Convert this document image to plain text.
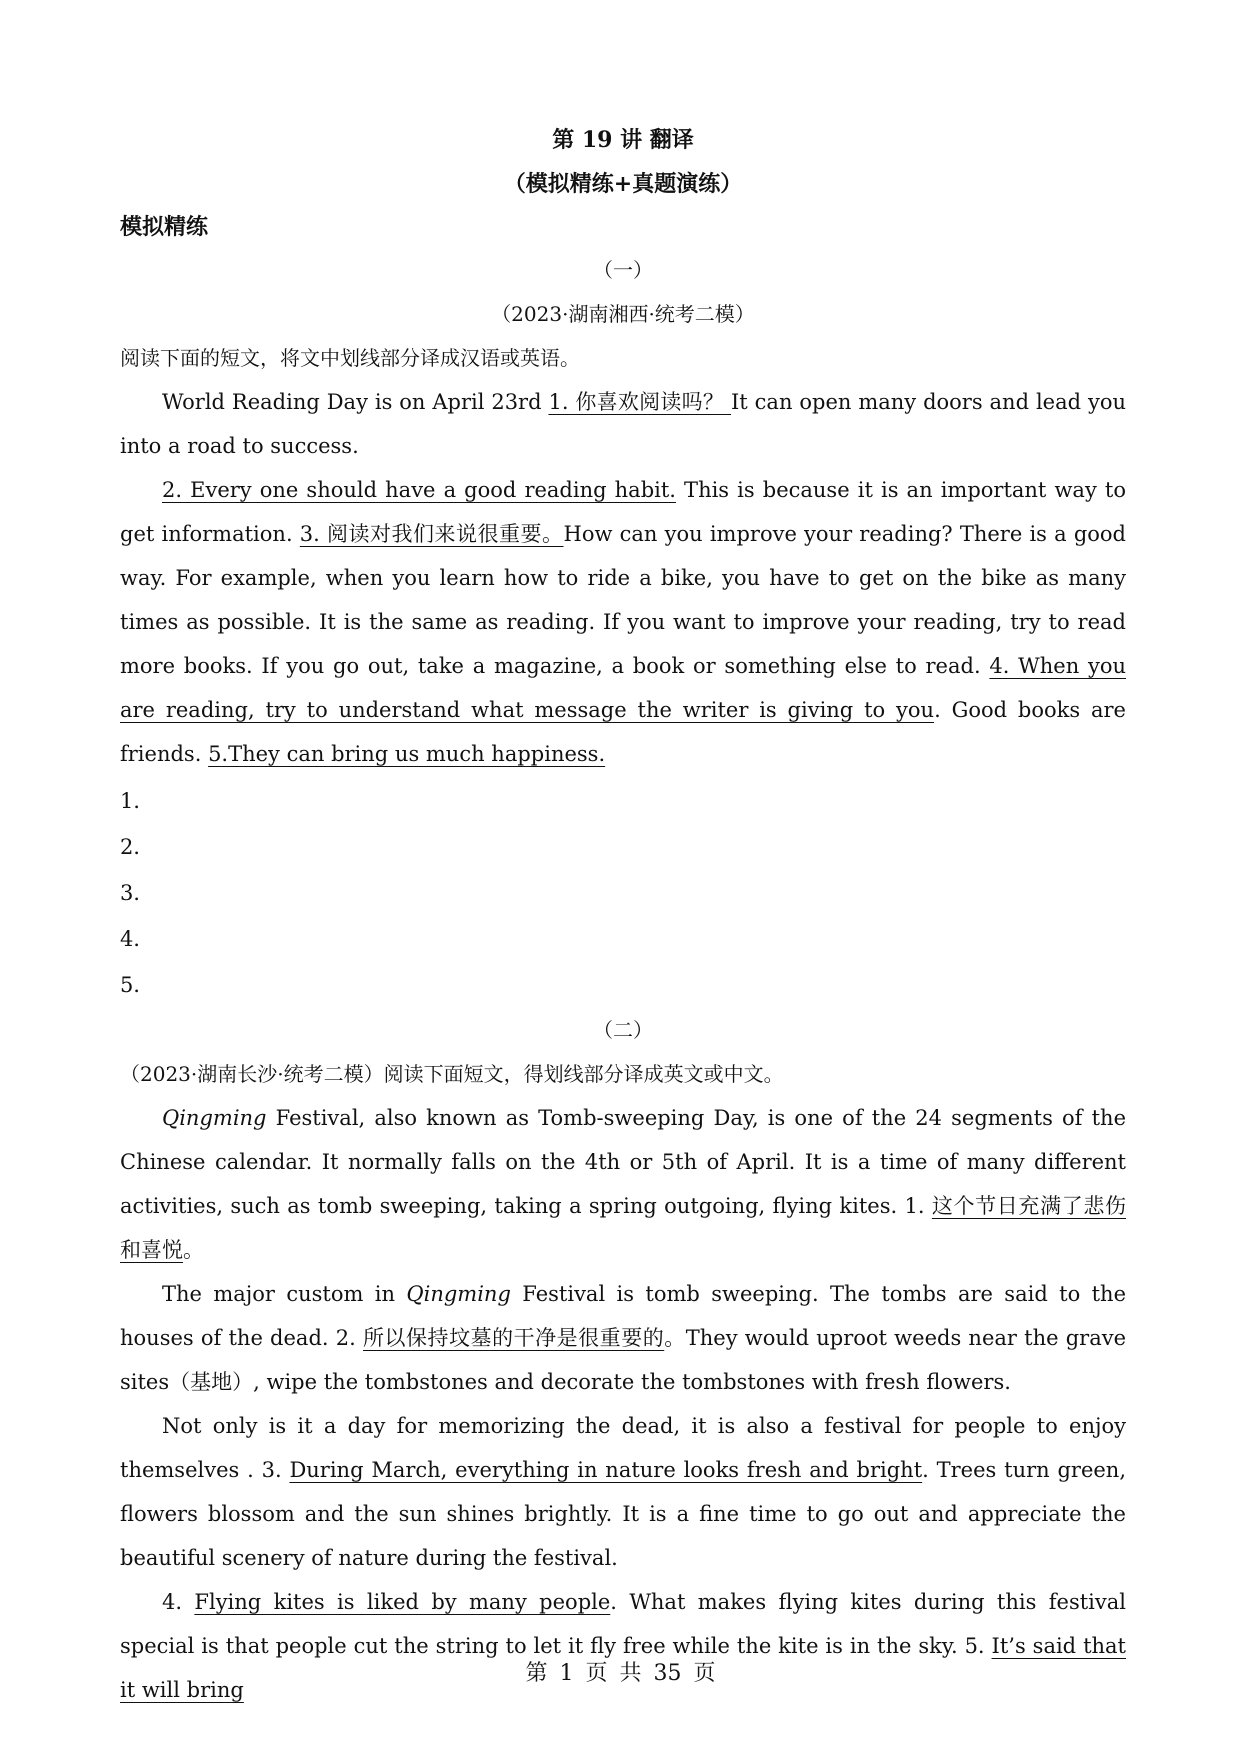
第 19 讲 翻译

（模拟精练+真题演练）

模拟精练

（一）

（2023·湖南湘西·统考二模）

阅读下面的短文，将文中划线部分译成汉语或英语。

World Reading Day is on April 23rd 1. 你喜欢阅读吗？ It can open many doors and lead you into a road to success.

2. Every one should have a good reading habit. This is because it is an important way to get information. 3. 阅读对我们来说很重要。How can you improve your reading? There is a good way. For example, when you learn how to ride a bike, you have to get on the bike as many times as possible. It is the same as reading. If you want to improve your reading, try to read more books. If you go out, take a magazine, a book or something else to read. 4. When you are reading, try to understand what message the writer is giving to you. Good books are friends. 5.They can bring us much happiness.

1．

2．

3．

4．

5．

（二）

（2023·湖南长沙·统考二模）阅读下面短文，得划线部分译成英文或中文。

Qingming Festival, also known as Tomb-sweeping Day, is one of the 24 segments of the Chinese calendar. It normally falls on the 4th or 5th of April. It is a time of many different activities, such as tomb sweeping, taking a spring outgoing, flying kites. 1. 这个节日充满了悲伤和喜悦。

The major custom in Qingming Festival is tomb sweeping. The tombs are said to the houses of the dead. 2. 所以保持坟墓的干净是很重要的。They would uproot weeds near the grave sites（基地）, wipe the tombstones and decorate the tombstones with fresh flowers.

Not only is it a day for memorizing the dead, it is also a festival for people to enjoy themselves . 3. During March, everything in nature looks fresh and bright. Trees turn green, flowers blossom and the sun shines brightly. It is a fine time to go out and appreciate the beautiful scenery of nature during the festival.

4. Flying kites is liked by many people. What makes flying kites during this festival special is that people cut the string to let it fly free while the kite is in the sky. 5. It’s said that it will bring

第 1 页 共 35 页
